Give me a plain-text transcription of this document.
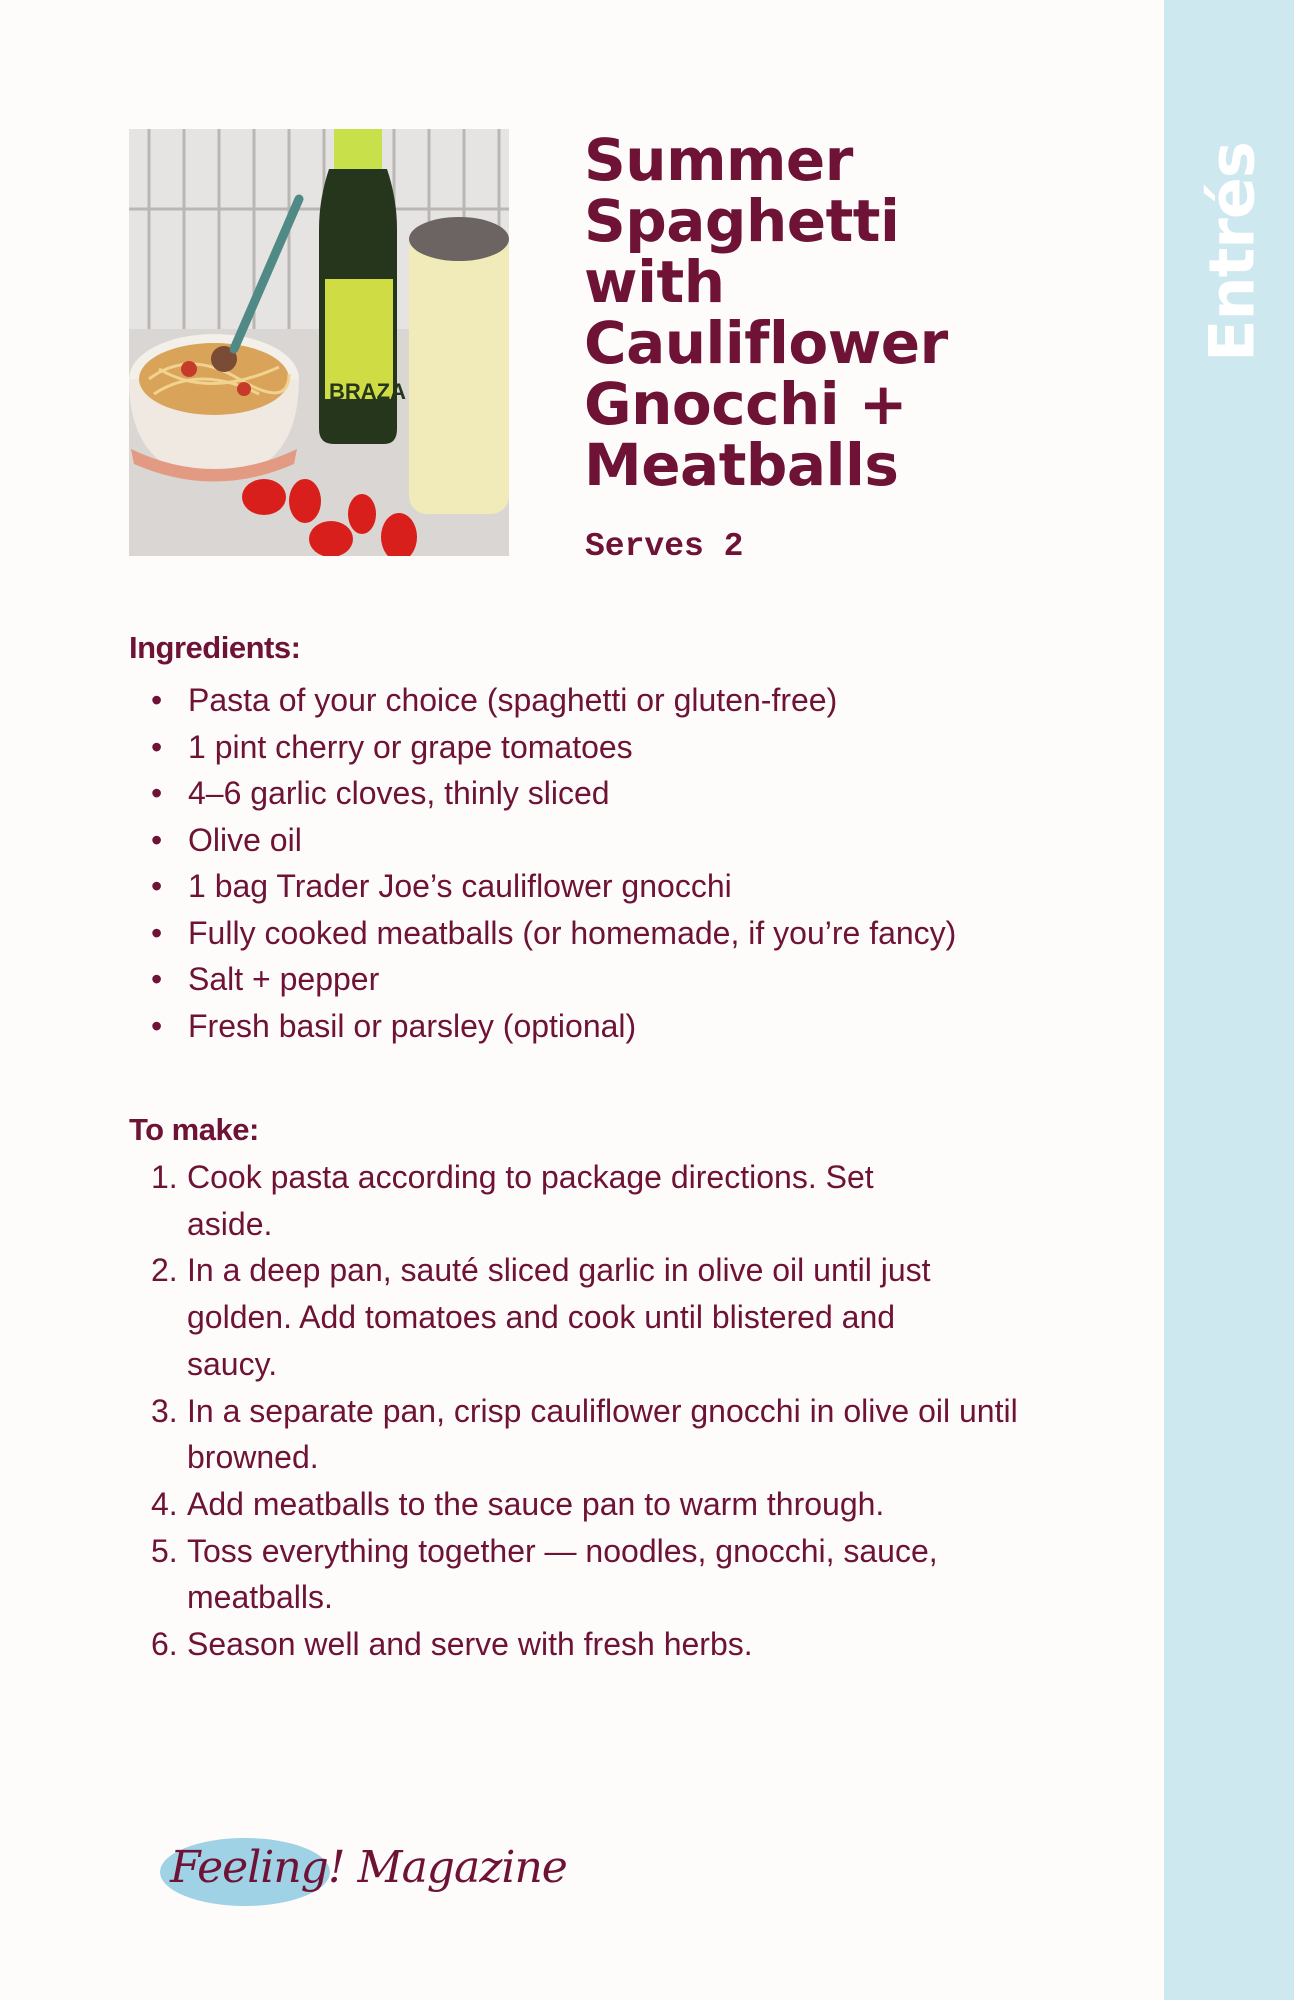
Entrés
BRAZA
Summer
Spaghetti
with
Cauliflower
Gnocchi +
Meatballs
Serves 2
Ingredients:
• Pasta of your choice (spaghetti or gluten-free)
• 1 pint cherry or grape tomatoes
• 4–6 garlic cloves, thinly sliced
• Olive oil
• 1 bag Trader Joe’s cauliflower gnocchi
• Fully cooked meatballs (or homemade, if you’re fancy)
• Salt + pepper
• Fresh basil or parsley (optional)
To make:
1. Cook pasta according to package directions. Set aside.
2. In a deep pan, sauté sliced garlic in olive oil until just golden. Add tomatoes and cook until blistered and saucy.
3. In a separate pan, crisp cauliflower gnocchi in olive oil until browned.
4. Add meatballs to the sauce pan to warm through.
5. Toss everything together — noodles, gnocchi, sauce, meatballs.
6. Season well and serve with fresh herbs.
Feeling! Magazine
